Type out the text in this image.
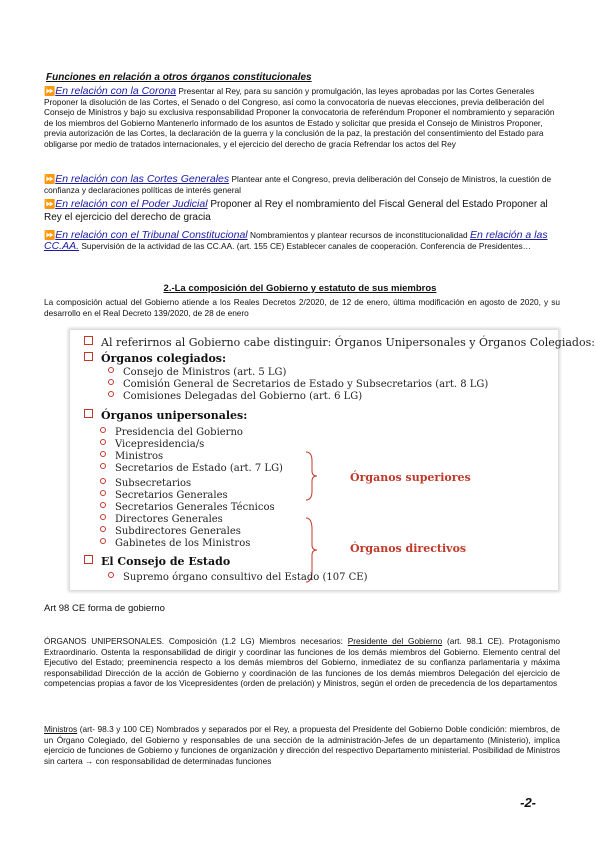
Funciones en relación a otros órganos constitucionales
⏩En relación con la Corona Presentar al Rey, para su sanción y promulgación, las leyes aprobadas por las Cortes Generales Proponer la disolución de las Cortes, el Senado o del Congreso, así como la convocatoria de nuevas elecciones, previa deliberación del Consejo de Ministros y bajo su exclusiva responsabilidad Proponer la convocatoria de referéndum Proponer el nombramiento y separación de los miembros del Gobierno Mantenerlo informado de los asuntos de Estado y solicitar que presida el Consejo de Ministros Proponer, previa autorización de las Cortes, la declaración de la guerra y la conclusión de la paz, la prestación del consentimiento del Estado para obligarse por medio de tratados internacionales, y el ejercicio del derecho de gracia Refrendar los actos del Rey
⏩En relación con las Cortes Generales Plantear ante el Congreso, previa deliberación del Consejo de Ministros, la cuestión de confianza y declaraciones políticas de interés general
⏩En relación con el Poder Judicial Proponer al Rey el nombramiento del Fiscal General del Estado Proponer al Rey el ejercicio del derecho de gracia
⏩En relación con el Tribunal Constitucional Nombramientos y plantear recursos de inconstitucionalidad En relación a las CC.AA. Supervisión de la actividad de las CC.AA. (art. 155 CE) Establecer canales de cooperación. Conferencia de Presidentes…
2.-La composición del Gobierno y estatuto de sus miembros
La composición actual del Gobierno atiende a los Reales Decretos 2/2020, de 12 de enero, última modificación en agosto de 2020, y su desarrollo en el Real Decreto 139/2020, de 28 de enero
Al referirnos al Gobierno cabe distinguir: Órganos Unipersonales y Órganos Colegiados:
Órganos colegiados:
Consejo de Ministros (art. 5 LG)
Comisión General de Secretarios de Estado y Subsecretarios (art. 8 LG)
Comisiones Delegadas del Gobierno (art. 6 LG)
Órganos unipersonales:
Presidencia del Gobierno
Vicepresidencia/s
Ministros
Secretarios de Estado (art. 7 LG)
Subsecretarios
Secretarios Generales
Secretarios Generales Técnicos
Directores Generales
Subdirectores Generales
Gabinetes de los Ministros
Órganos superiores
Órganos directivos
El Consejo de Estado
Supremo órgano consultivo del Estado (107 CE)
Art 98 CE forma de gobierno
ÓRGANOS UNIPERSONALES. Composición (1.2 LG) Miembros necesarios: Presidente del Gobierno (art. 98.1 CE). Protagonismo Extraordinario. Ostenta la responsabilidad de dirigir y coordinar las funciones de los demás miembros del Gobierno. Elemento central del Ejecutivo del Estado; preeminencia respecto a los demás miembros del Gobierno, inmediatez de su confianza parlamentaria y máxima responsabilidad Dirección de la acción de Gobierno y coordinación de las funciones de los demás miembros Delegación del ejercicio de competencias propias a favor de los Vicepresidentes (orden de prelación) y Ministros, según el orden de precedencia de los departamentos
Ministros (art- 98.3 y 100 CE) Nombrados y separados por el Rey, a propuesta del Presidente del Gobierno Doble condición: miembros, de un Órgano Colegiado, del Gobierno y responsables de una sección de la administración-Jefes de un departamento (Ministerio), implica ejercicio de funciones de Gobierno y funciones de organización y dirección del respectivo Departamento ministerial. Posibilidad de Ministros sin cartera → con responsabilidad de determinadas funciones
-2-
